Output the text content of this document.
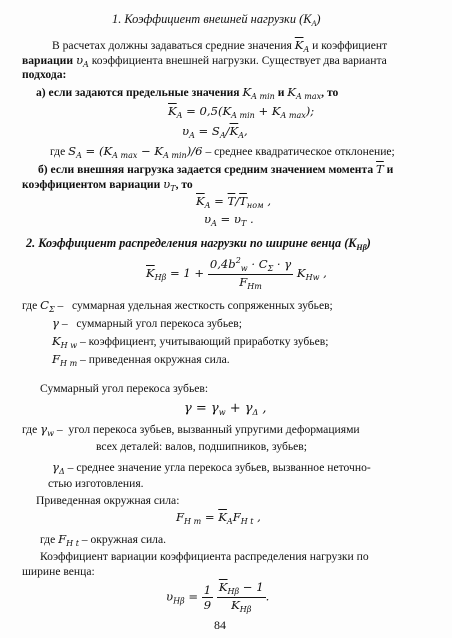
1. Коэффициент внешней нагрузки $(K_A)$
В расчетах должны задаваться средние значения $\overline{K}_A$ и коэффициент
вариации $\upsilon_A$ коэффициента внешней нагрузки. Существует два варианта
подхода:
а) если задаются предельные значения $K_{A min}$ и $K_{A max}$, то
$\overline{K}_A = 0,5(K_{A min} + K_{A max})$;
$\upsilon_A = S_A/\overline{K}_A$,
где $S_A = (K_{A max} - K_{A min})/6$ – среднее квадратическое отклонение;
б) если внешняя нагрузка задается средним значением момента $\overline{T}$ и
коэффициентом вариации $\upsilon_T$, то
$\overline{K}_A = \overline{T}/\overline{T}_{ном}$ ,
$\upsilon_A = \upsilon_T$ .
2. Коэффициент распределения нагрузки по ширине венца $(K_{H\beta})$
$\overline{K}_{H\beta} = 1 + \frac{0,4b^2_w \cdot C_\Sigma \cdot \gamma}{F_{Hm}} K_{Hw}$ ,
где $C_\Sigma$ –   суммарная удельная жесткость сопряженных зубьев;
γ –   суммарный угол перекоса зубьев;
$K_{H w}$ – коэффициент, учитывающий приработку зубьев;
$F_{H m}$ – приведенная окружная сила.
Суммарный угол перекоса зубьев:
$\gamma = \gamma_w + \gamma_\Delta$ ,
где $\gamma_w$ –  угол перекоса зубьев, вызванный упругими деформациями
всех деталей: валов, подшипников, зубьев;
$\gamma_\Delta$ – среднее значение угла перекоса зубьев, вызванное неточно-
стью изготовления.
Приведенная окружная сила:
$F_{H m} = \overline{K}_AF_{H t}$ ,
где $F_{H t}$ – окружная сила.
Коэффициент вариации коэффициента распределения нагрузки по
ширине венца:
$\upsilon_{H\beta} = \frac{1}{9}$
$\frac{\overline{K}_{H\beta} - 1}{\overline{K}_{H\beta}}$ .
84
